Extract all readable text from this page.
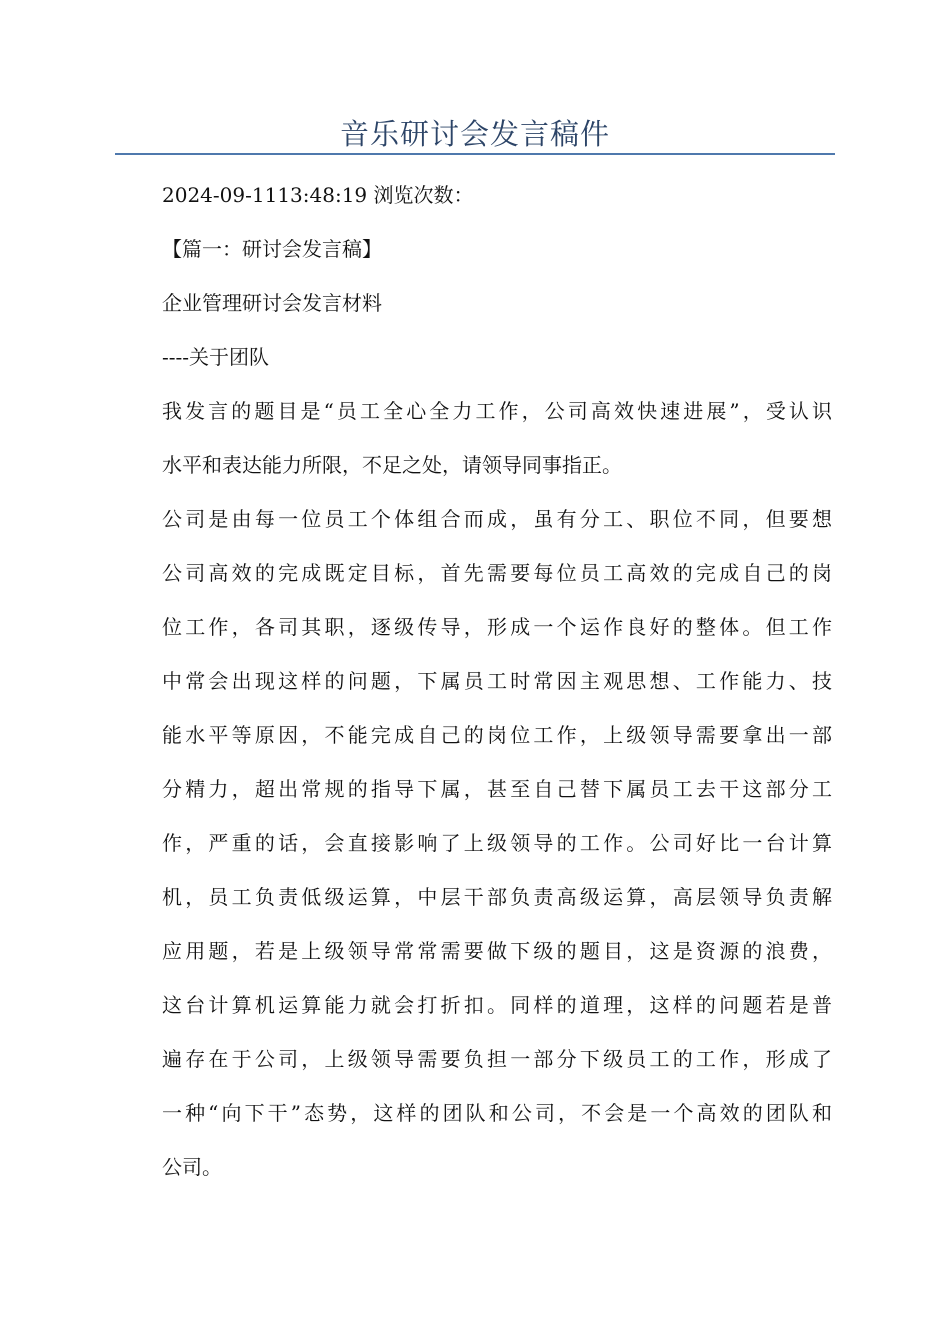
音乐研讨会发言稿件
2024-09-1113:48:19 浏览次数：
【篇一：研讨会发言稿】
企业管理研讨会发言材料
----关于团队
我发言的题目是“员工全心全力工作，公司高效快速进展”，受认识
水平和表达能力所限，不足之处，请领导同事指正。
公司是由每一位员工个体组合而成，虽有分工、职位不同，但要想
公司高效的完成既定目标，首先需要每位员工高效的完成自己的岗
位工作，各司其职，逐级传导，形成一个运作良好的整体。但工作
中常会出现这样的问题，下属员工时常因主观思想、工作能力、技
能水平等原因，不能完成自己的岗位工作，上级领导需要拿出一部
分精力，超出常规的指导下属，甚至自己替下属员工去干这部分工
作，严重的话，会直接影响了上级领导的工作。公司好比一台计算
机，员工负责低级运算，中层干部负责高级运算，高层领导负责解
应用题，若是上级领导常常需要做下级的题目，这是资源的浪费，
这台计算机运算能力就会打折扣。同样的道理，这样的问题若是普
遍存在于公司，上级领导需要负担一部分下级员工的工作，形成了
一种“向下干”态势，这样的团队和公司，不会是一个高效的团队和
公司。
